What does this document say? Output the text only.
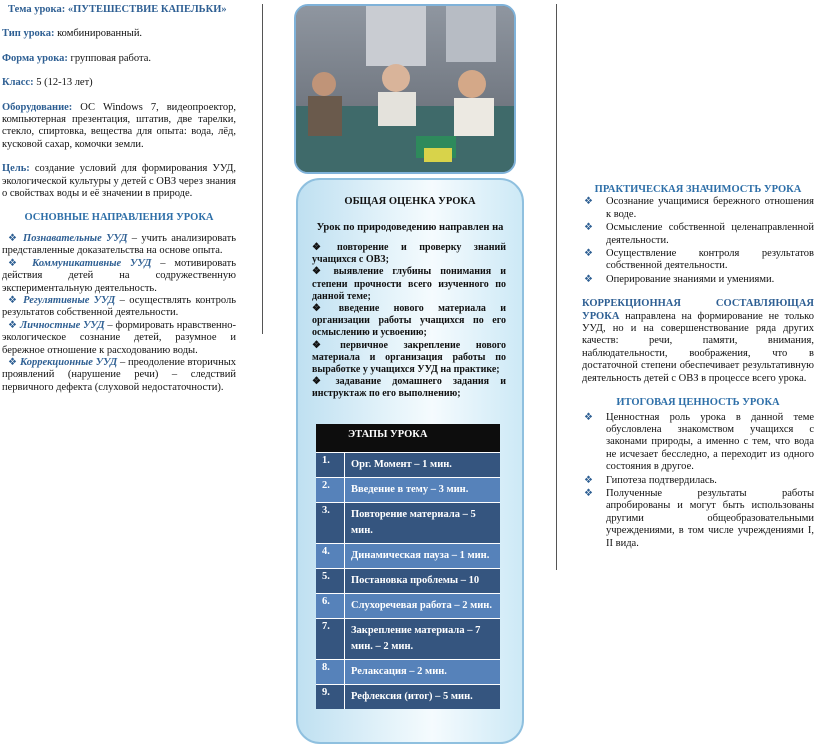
Тема урока: «ПУТЕШЕСТВИЕ КАПЕЛЬКИ»

Тип урока: комбинированный.

Форма урока: групповая работа.

Класс: 5 (12-13 лет)

Оборудование: ОС Windows 7, видеопроектор, компьютерная презентация, штатив, две тарелки, стекло, спиртовка, вещества для опыта: вода, лёд, кусковой сахар, комочки земли.

Цель: создание условий для формирования УУД, экологической культуры у детей с ОВЗ через знания о свойствах воды и её значении в природе.

ОСНОВНЫЕ НАПРАВЛЕНИЯ УРОКА

❖ Познавательные УУД – учить анализировать представленные доказательства на основе опыта.

❖ Коммуникативные УУД – мотивировать действия детей на содружественную экспериментальную деятельность.

❖ Регулятивные УУД – осуществлять контроль результатов собственной деятельности.

❖ Личностные УУД – формировать нравственно-экологическое сознание детей, разумное и бережное отношение к расходованию воды.

❖ Коррекционные УУД – преодоление вторичных проявлений (нарушение речи) – следствий первичного дефекта (слуховой недостаточности).

ОБЩАЯ ОЦЕНКА УРОКА
Урок по природоведению направлен на

❖ повторение и проверку знаний учащихся с ОВЗ;

❖ выявление глубины понимания и степени прочности всего изученного по данной теме;

❖ введение нового материала и организации работы учащихся по его осмыслению и усвоению;

❖ первичное закрепление нового материала и организация работы по выработке у учащихся УУД на практике;

❖ задавание домашнего задания и инструктаж по его выполнению;

ЭТАПЫ УРОКА
1.	Орг. Момент – 1 мин.
2.	Введение в тему – 3 мин.
3.	Повторение материала – 5 мин.
4.	Динамическая пауза – 1 мин.
5.	Постановка проблемы – 10
6.	Слухоречевая работа – 2 мин.
7.	Закрепление материала – 7 мин. – 2 мин.
8.	Релаксация – 2 мин.
9.	Рефлексия (итог) – 5 мин.
ПРАКТИЧЕСКАЯ ЗНАЧИМОСТЬ УРОКА
❖ Осознание учащимися бережного отношения к воде.
❖ Осмысление собственной целенаправленной деятельности.
❖ Осуществление контроля результатов собственной деятельности.
❖ Оперирование знаниями и умениями.

КОРРЕКЦИОННАЯ СОСТАВЛЯЮЩАЯ УРОКА направлена на формирование не только УУД, но и на совершенствование ряда других качеств: речи, памяти, внимания, наблюдательности, воображения, что в достаточной степени обеспечивает результативную деятельность детей с ОВЗ в процессе всего урока.

ИТОГОВАЯ ЦЕННОСТЬ УРОКА
❖ Ценностная роль урока в данной теме обусловлена знакомством учащихся с законами природы, а именно с тем, что вода не исчезает бесследно, а переходит из одного состояния в другое.
❖ Гипотеза подтвердилась.
❖ Полученные результаты работы апробированы и могут быть использованы другими общеобразовательными учреждениями, в том числе учреждениями I, II вида.
